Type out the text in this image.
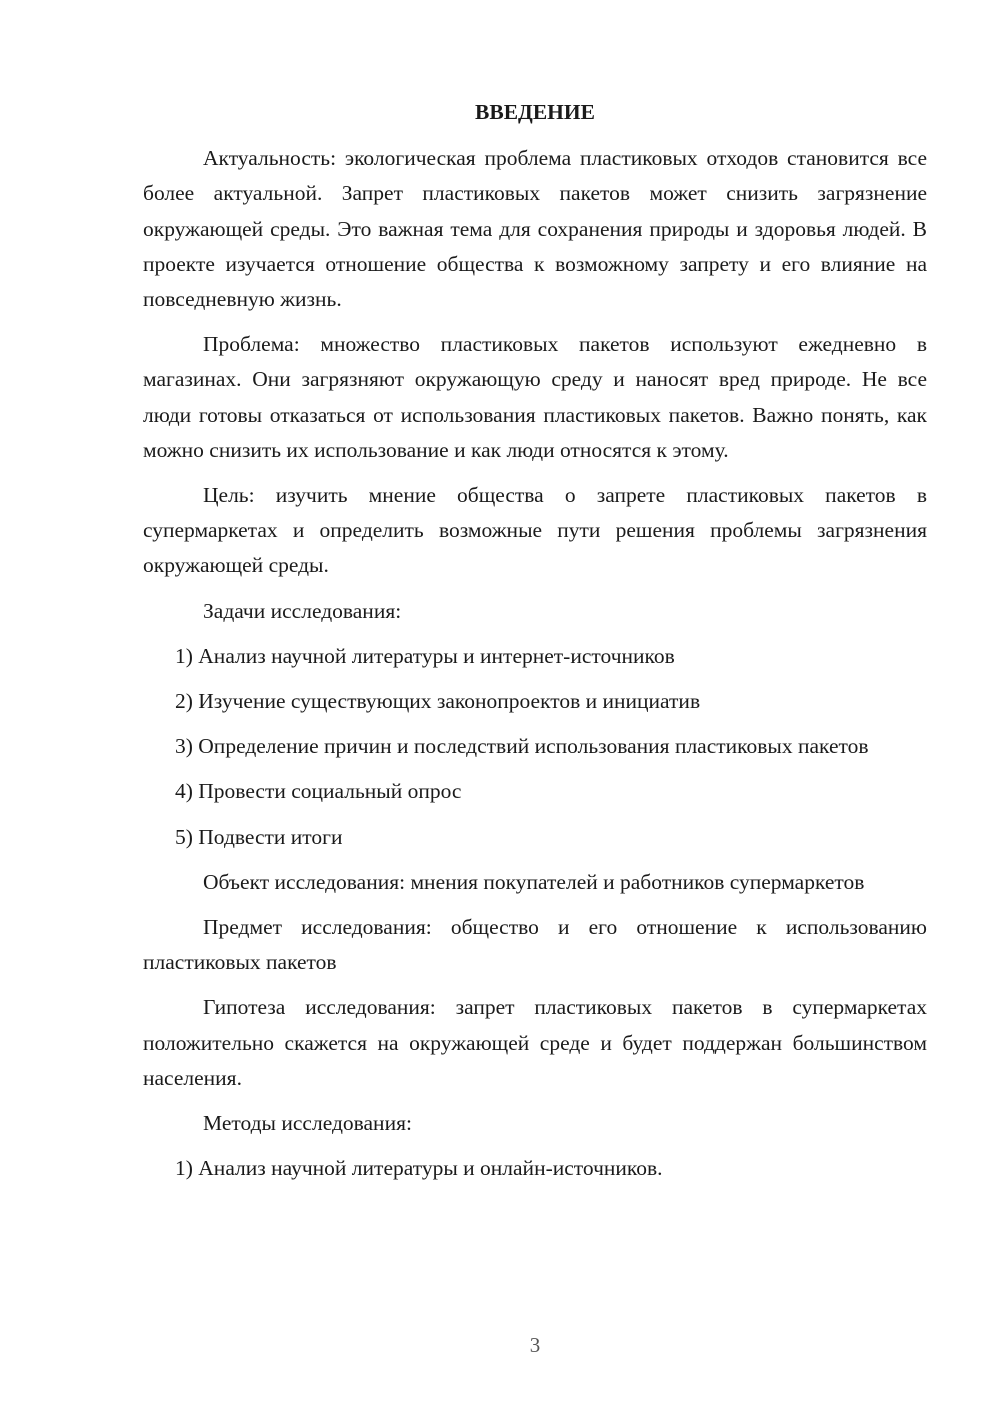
ВВЕДЕНИЕ
Актуальность: экологическая проблема пластиковых отходов становится все более актуальной. Запрет пластиковых пакетов может снизить загрязнение окружающей среды. Это важная тема для сохранения природы и здоровья людей. В проекте изучается отношение общества к возможному запрету и его влияние на повседневную жизнь.
Проблема: множество пластиковых пакетов используют ежедневно в магазинах. Они загрязняют окружающую среду и наносят вред природе. Не все люди готовы отказаться от использования пластиковых пакетов. Важно понять, как можно снизить их использование и как люди относятся к этому.
Цель: изучить мнение общества о запрете пластиковых пакетов в супермаркетах и определить возможные пути решения проблемы загрязнения окружающей среды.
Задачи исследования:
1) Анализ научной литературы и интернет-источников
2) Изучение существующих законопроектов и инициатив
3) Определение причин и последствий использования пластиковых пакетов
4) Провести социальный опрос
5) Подвести итоги
Объект исследования: мнения покупателей и работников супермаркетов
Предмет исследования: общество и его отношение к использованию пластиковых пакетов
Гипотеза исследования: запрет пластиковых пакетов в супермаркетах положительно скажется на окружающей среде и будет поддержан большинством населения.
Методы исследования:
1) Анализ научной литературы и онлайн-источников.
3
